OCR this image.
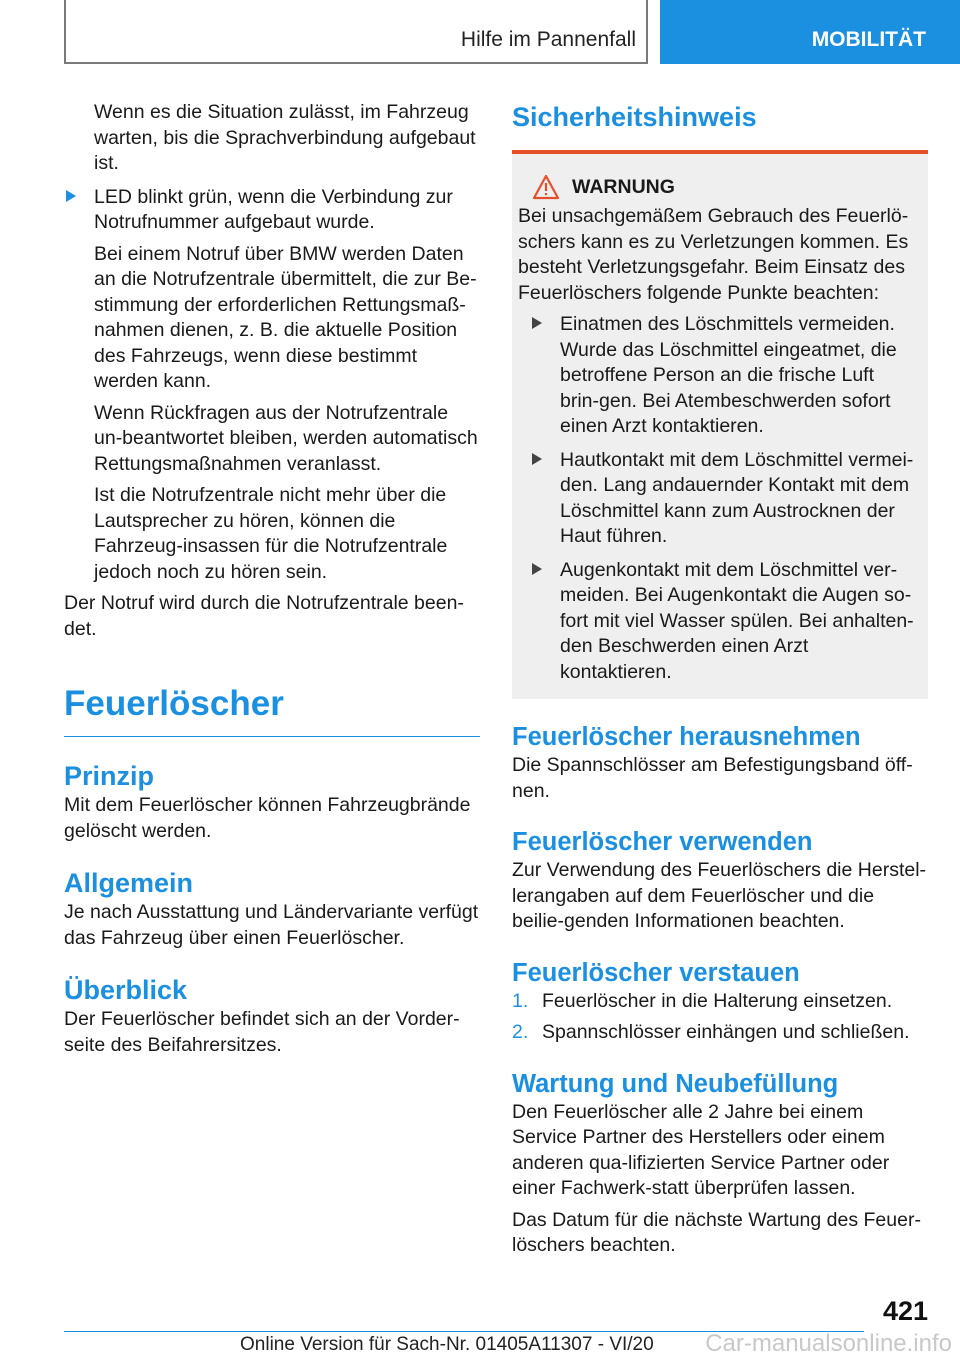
Hilfe im Pannenfall	MOBILITÄT

Wenn es die Situation zulässt, im Fahrzeug warten, bis die Sprachverbindung aufgebaut ist.

LED blinkt grün, wenn die Verbindung zur Notrufnummer aufgebaut wurde.

Bei einem Notruf über BMW werden Daten an die Notrufzentrale übermittelt, die zur Be-stimmung der erforderlichen Rettungsmaß-nahmen dienen, z. B. die aktuelle Position des Fahrzeugs, wenn diese bestimmt werden kann.

Wenn Rückfragen aus der Notrufzentrale un-beantwortet bleiben, werden automatisch Rettungsmaßnahmen veranlasst.

Ist die Notrufzentrale nicht mehr über die Lautsprecher zu hören, können die Fahrzeug-insassen für die Notrufzentrale jedoch noch zu hören sein.

Der Notruf wird durch die Notrufzentrale been-det.

Feuerlöscher
Prinzip

Mit dem Feuerlöscher können Fahrzeugbrände gelöscht werden.

Allgemein

Je nach Ausstattung und Ländervariante verfügt das Fahrzeug über einen Feuerlöscher.

Überblick

Der Feuerlöscher befindet sich an der Vorder-seite des Beifahrersitzes.

Sicherheitshinweis
WARNUNG

Bei unsachgemäßem Gebrauch des Feuerlö-schers kann es zu Verletzungen kommen. Es besteht Verletzungsgefahr. Beim Einsatz des Feuerlöschers folgende Punkte beachten:

Einatmen des Löschmittels vermeiden. Wurde das Löschmittel eingeatmet, die betroffene Person an die frische Luft brin-gen. Bei Atembeschwerden sofort einen Arzt kontaktieren.

Hautkontakt mit dem Löschmittel vermei-den. Lang andauernder Kontakt mit dem Löschmittel kann zum Austrocknen der Haut führen.

Augenkontakt mit dem Löschmittel ver-meiden. Bei Augenkontakt die Augen so-fort mit viel Wasser spülen. Bei anhalten-den Beschwerden einen Arzt kontaktieren.

Feuerlöscher herausnehmen

Die Spannschlösser am Befestigungsband öff-nen.

Feuerlöscher verwenden

Zur Verwendung des Feuerlöschers die Herstel-lerangaben auf dem Feuerlöscher und die beilie-genden Informationen beachten.

Feuerlöscher verstauen

1. Feuerlöscher in die Halterung einsetzen.

2. Spannschlösser einhängen und schließen.

Wartung und Neubefüllung

Den Feuerlöscher alle 2 Jahre bei einem Service Partner des Herstellers oder einem anderen qua-lifizierten Service Partner oder einer Fachwerk-statt überprüfen lassen.

Das Datum für die nächste Wartung des Feuer-löschers beachten.

421
Online Version für Sach-Nr. 01405A11307 - VI/20 Car-manualsonline.info
